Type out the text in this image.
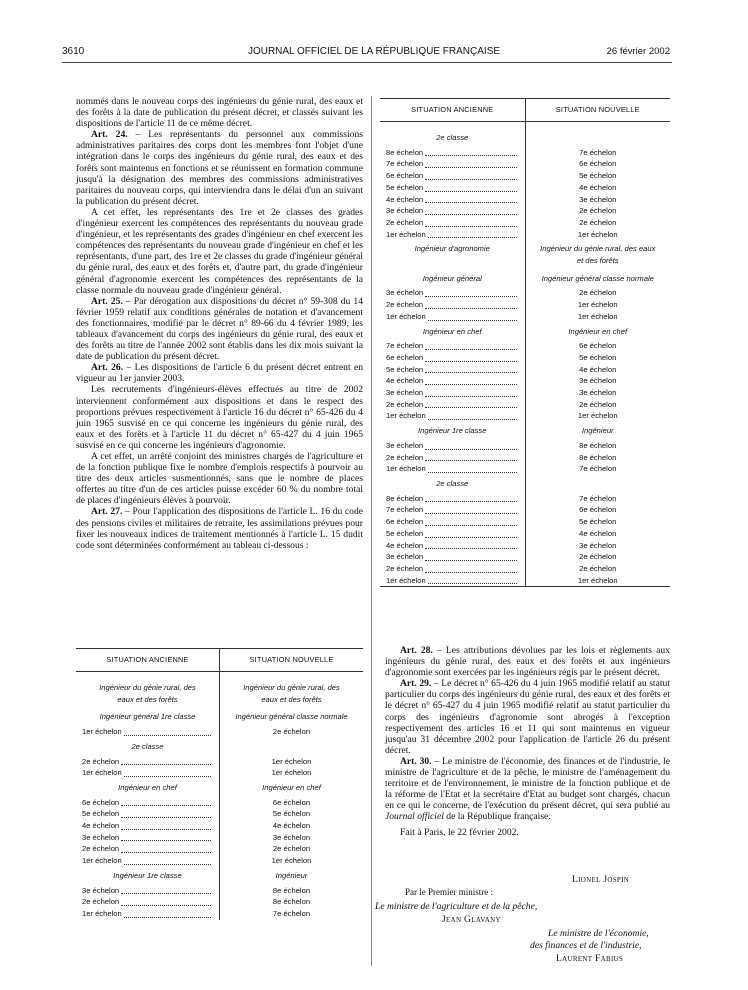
3610	JOURNAL OFFICIEL DE LA RÉPUBLIQUE FRANÇAISE	26 février 2002

nommés dans le nouveau corps des ingénieurs du génie rural, des eaux et des forêts à la date de publication du présent décret, et classés suivant les dispositions de l'article 11 de ce même décret.

Art. 24. – Les représentants du personnel aux commissions administratives paritaires des corps dont les membres font l'objet d'une intégration dans le corps des ingénieurs du génie rural, des eaux et des forêts sont maintenus en fonctions et se réunissent en formation commune jusqu'à la désignation des membres des commissions administratives paritaires du nouveau corps, qui interviendra dans le délai d'un an suivant la publication du présent décret.

A cet effet, les représentants des 1re et 2e classes des grades d'ingénieur exercent les compétences des représentants du nouveau grade d'ingénieur, et les représentants des grades d'ingénieur en chef exercent les compétences des représentants du nouveau grade d'ingénieur en chef et les représentants, d'une part, des 1re et 2e classes du grade d'ingénieur général du génie rural, des eaux et des forêts et, d'autre part, du grade d'ingénieur général d'agronomie exercent les compétences des représentants de la classe normale du nouveau grade d'ingénieur général.

Art. 25. – Par dérogation aux dispositions du décret n° 59-308 du 14 février 1959 relatif aux conditions générales de notation et d'avancement des fonctionnaires, modifié par le décret n° 89-66 du 4 février 1989, les tableaux d'avancement du corps des ingénieurs du génie rural, des eaux et des forêts au titre de l'année 2002 sont établis dans les dix mois suivant la date de publication du présent décret.

Art. 26. – Les dispositions de l'article 6 du présent décret entrent en vigueur au 1er janvier 2003.

Les recrutements d'ingénieurs-élèves effectués au titre de 2002 interviennent conformément aux dispositions et dans le respect des proportions prévues respectivement à l'article 16 du décret n° 65-426 du 4 juin 1965 susvisé en ce qui concerne les ingénieurs du génie rural, des eaux et des forêts et à l'article 11 du décret n° 65-427 du 4 juin 1965 susvisé en ce qui concerne les ingénieurs d'agronomie.

A cet effet, un arrêté conjoint des ministres chargés de l'agriculture et de la fonction publique fixe le nombre d'emplois respectifs à pourvoir au titre des deux articles susmentionnés, sans que le nombre de places offertes au titre d'un de ces articles puisse excéder 60 % du nombre total de places d'ingénieurs élèves à pourvoir.

Art. 27. – Pour l'application des dispositions de l'article L. 16 du code des pensions civiles et militaires de retraite, les assimilations prévues pour fixer les nouveaux indices de traitement mentionnés à l'article L. 15 dudit code sont déterminées conformément au tableau ci-dessous :

SITUATION ANCIENNE	SITUATION NOUVELLE

Ingénieur du génie rural, des eaux et des forêts	Ingénieur du génie rural, des eaux et des forêts
Ingénieur général 1re classe	Ingénieur général classe normale

1er échelon	2e échelon
2e classe	

2e échelon	1er échelon

1er échelon	1er échelon
Ingénieur en chef	Ingénieur en chef

6e échelon	6e échelon

5e échelon	5e échelon

4e échelon	4e échelon

3e échelon	3e échelon

2e échelon	2e échelon

1er échelon	1er échelon
Ingénieur 1re classe	Ingénieur

3e échelon	8e échelon

2e échelon	8e échelon

1er échelon	7e échelon
SITUATION ANCIENNE	SITUATION NOUVELLE

2e classe	

8e échelon	7e échelon

7e échelon	6e échelon

6e échelon	5e échelon

5e échelon	4e échelon

4e échelon	3e échelon

3e échelon	2e échelon

2e échelon	2e échelon

1er échelon	1er échelon
Ingénieur d'agronomie	Ingénieur du génie rural, des eaux et des forêts
Ingénieur général	Ingénieur général classe normale

3e échelon	2e échelon

2e échelon	1er échelon

1er échelon	1er échelon
Ingénieur en chef	Ingénieur en chef

7e échelon	6e échelon

6e échelon	5e échelon

5e échelon	4e échelon

4e échelon	3e échelon

3e échelon	3e échelon

2e échelon	2e échelon

1er échelon	1er échelon
Ingénieur 1re classe	Ingénieur

3e échelon	8e échelon

2e échelon	8e échelon

1er échelon	7e échelon
2e classe	

8e échelon	7e échelon

7e échelon	6e échelon

6e échelon	5e échelon

5e échelon	4e échelon

4e échelon	3e échelon

3e échelon	2e échelon

2e échelon	2e échelon

1er échelon	1er échelon

Art. 28. – Les attributions dévolues par les lois et règlements aux ingénieurs du génie rural, des eaux et des forêts et aux ingénieurs d'agronomie sont exercées par les ingénieurs régis par le présent décret.

Art. 29. – Le décret n° 65-426 du 4 juin 1965 modifié relatif au statut particulier du corps des ingénieurs du génie rural, des eaux et des forêts et le décret n° 65-427 du 4 juin 1965 modifié relatif au statut particulier du corps des ingénieurs d'agronomie sont abrogés à l'exception respectivement des articles 16 et 11 qui sont maintenus en vigueur jusqu'au 31 décembre 2002 pour l'application de l'article 26 du présent décret.

Art. 30. – Le ministre de l'économie, des finances et de l'industrie, le ministre de l'agriculture et de la pêche, le ministre de l'aménagement du territoire et de l'environnement, le ministre de la fonction publique et de la réforme de l'Etat et la secrétaire d'Etat au budget sont chargés, chacun en ce qui le concerne, de l'exécution du présent décret, qui sera publié au Journal officiel de la République française.

Fait à Paris, le 22 février 2002.

Lionel Jospin
Par le Premier ministre :
Le ministre de l'agriculture et de la pêche,
Jean Glavany
Le ministre de l'économie,
des finances et de l'industrie,
Laurent Fabius
